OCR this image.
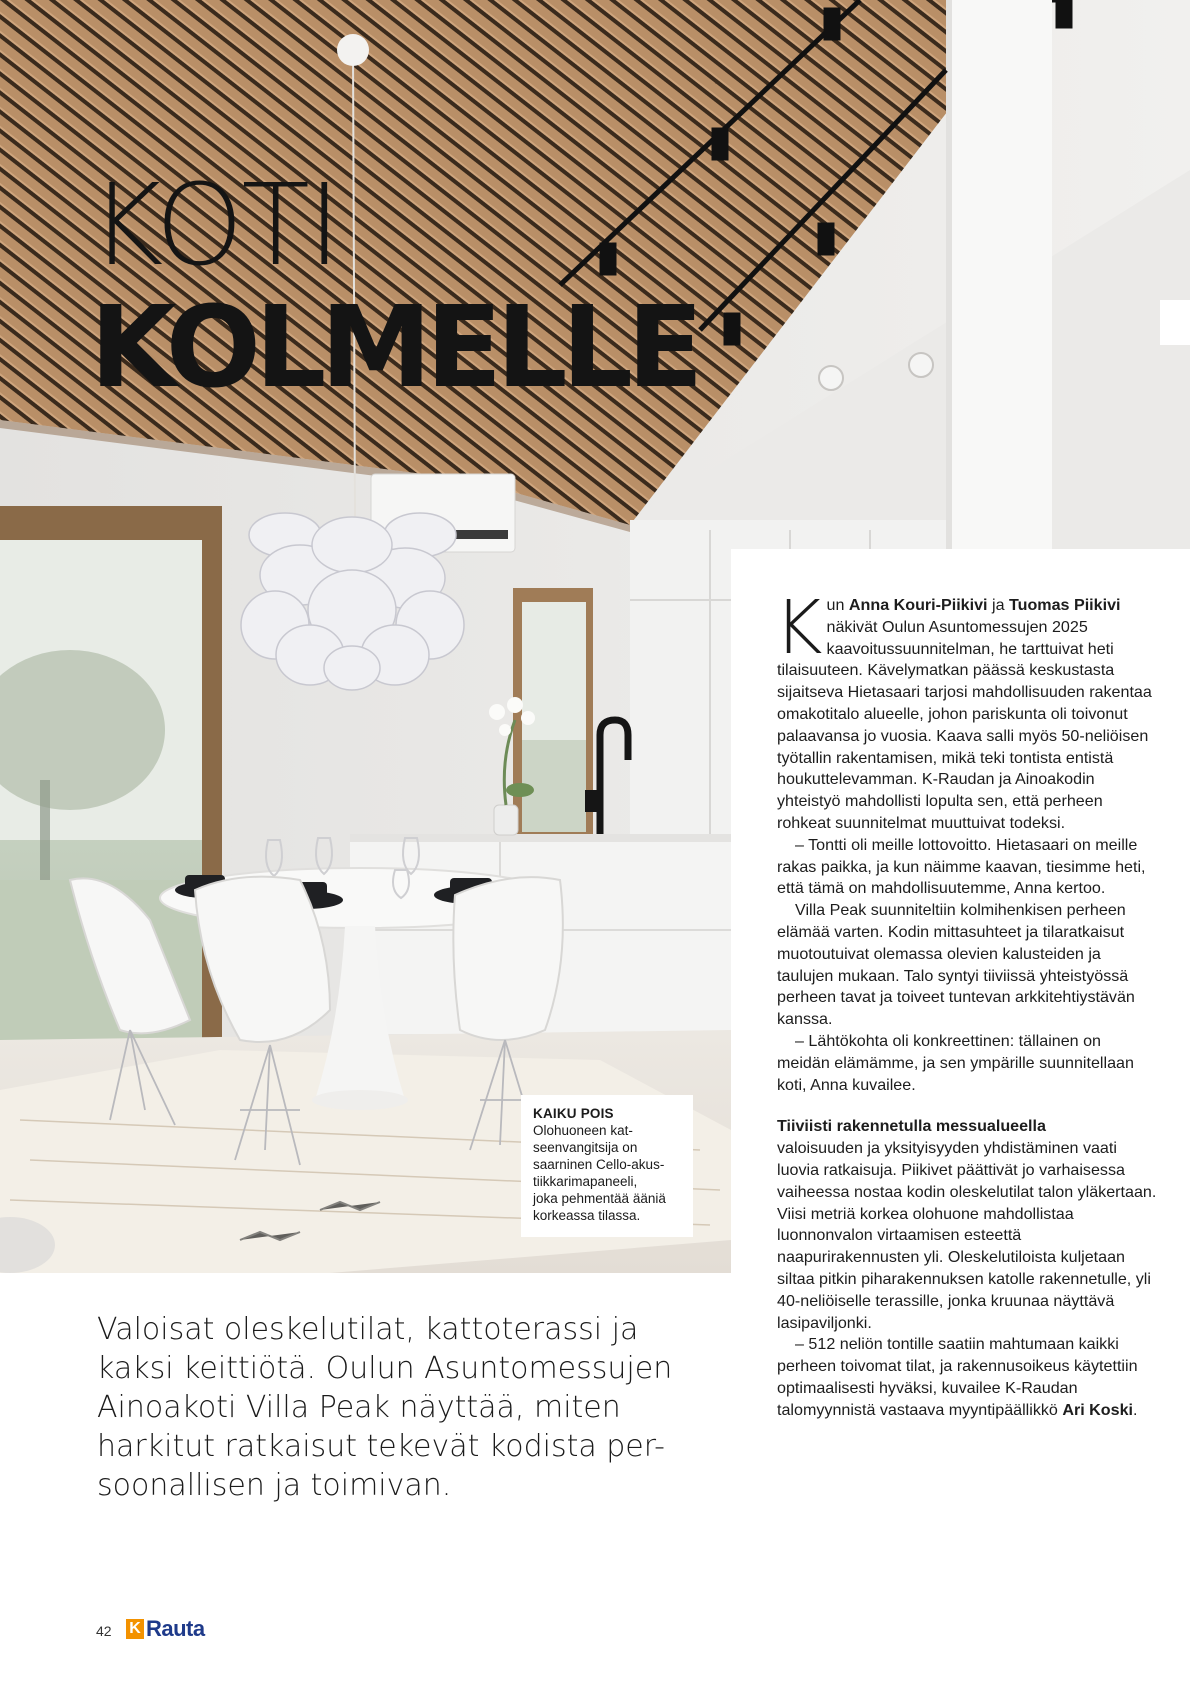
KOTI
KOLMELLE
KAIKU POIS
Olohuoneen kat-
seenvangitsija on
saarninen Cello-akus-
tiikkarimapaneeli,
joka pehmentää ääniä
korkeassa tilassa.

Kun Anna Kouri-Piikivi ja Tuomas Piikivi näkivät Oulun Asuntomessujen 2025 kaavoitussuunnitelman, he tarttuivat heti tilaisuuteen. Kävelymatkan päässä keskustasta sijaitseva Hietasaari tarjosi mahdollisuuden rakentaa omakotitalo alueelle, johon pariskunta oli toivonut palaavansa jo vuosia. Kaava salli myös 50-neliöisen työtallin rakentamisen, mikä teki tontista entistä houkuttelevamman. K-Raudan ja Ainoakodin yhteistyö mahdollisti lopulta sen, että perheen rohkeat suunnitelmat muuttuivat todeksi.

– Tontti oli meille lottovoitto. Hietasaari on meille rakas paikka, ja kun näimme kaavan, tiesimme heti, että tämä on mahdollisuutemme, Anna kertoo.

Villa Peak suunniteltiin kolmihenkisen perheen elämää varten. Kodin mittasuhteet ja tilaratkaisut muotoutuivat olemassa olevien kalusteiden ja taulujen mukaan. Talo syntyi tiiviissä yhteistyössä perheen tavat ja toiveet tuntevan arkkitehtiystävän kanssa.

– Lähtökohta oli konkreettinen: tällainen on meidän elämämme, ja sen ympärille suunnitellaan koti, Anna kuvailee.

Tiiviisti rakennetulla messualueella

valoisuuden ja yksityisyyden yhdistäminen vaati luovia ratkaisuja. Piikivet päättivät jo varhaisessa vaiheessa nostaa kodin oleskelutilat talon yläkertaan. Viisi metriä korkea olohuone mahdollistaa luonnonvalon virtaamisen esteettä naapurirakennusten yli. Oleskelutiloista kuljetaan siltaa pitkin piharakennuksen katolle rakennetulle, yli 40-neliöiselle terassille, jonka kruunaa näyttävä lasipaviljonki.

– 512 neliön tontille saatiin mahtumaan kaikki perheen toivomat tilat, ja rakennusoikeus käytettiin optimaalisesti hyväksi, kuvailee K-Raudan talomyynnistä vastaava myyntipäällikkö Ari Koski.

Valoisat oleskelutilat, kattoterassi ja
kaksi keittiötä. Oulun Asuntomessujen
Ainoakoti Villa Peak näyttää, miten
harkitut ratkaisut tekevät kodista per-
soonallisen ja toimivan.

42 K Rauta
